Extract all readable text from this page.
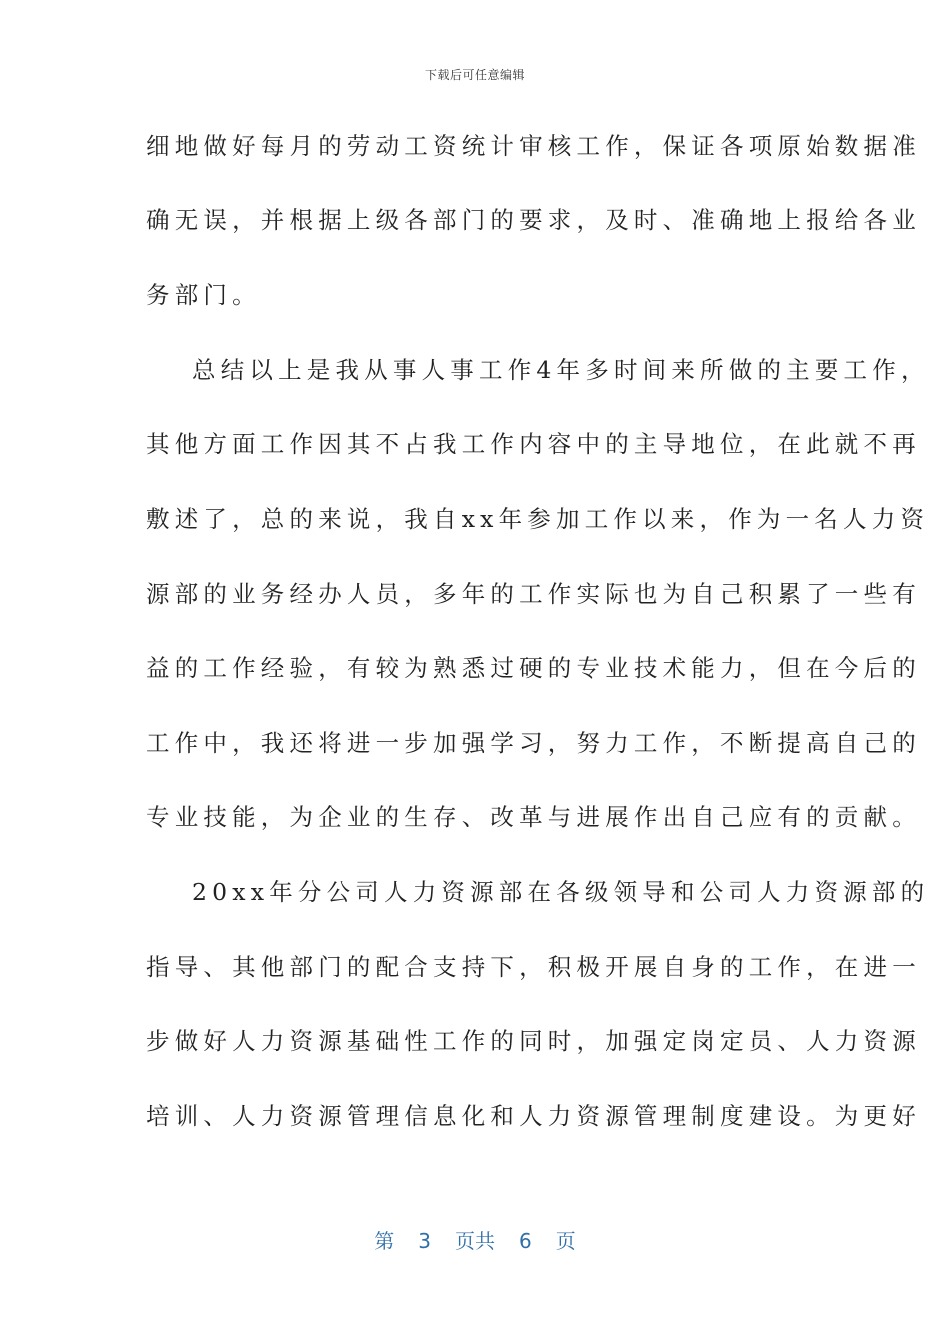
下载后可任意编辑
细地做好每月的劳动工资统计审核工作，保证各项原始数据准
确无误，并根据上级各部门的要求，及时、准确地上报给各业
务部门。
总结以上是我从事人事工作4年多时间来所做的主要工作，
其他方面工作因其不占我工作内容中的主导地位，在此就不再
敷述了，总的来说，我自xx年参加工作以来，作为一名人力资
源部的业务经办人员，多年的工作实际也为自己积累了一些有
益的工作经验，有较为熟悉过硬的专业技术能力，但在今后的
工作中，我还将进一步加强学习，努力工作，不断提高自己的
专业技能，为企业的生存、改革与进展作出自己应有的贡献。
20xx年分公司人力资源部在各级领导和公司人力资源部的
指导、其他部门的配合支持下，积极开展自身的工作，在进一
步做好人力资源基础性工作的同时，加强定岗定员、人力资源
培训、人力资源管理信息化和人力资源管理制度建设。为更好
第 3 页共 6 页
